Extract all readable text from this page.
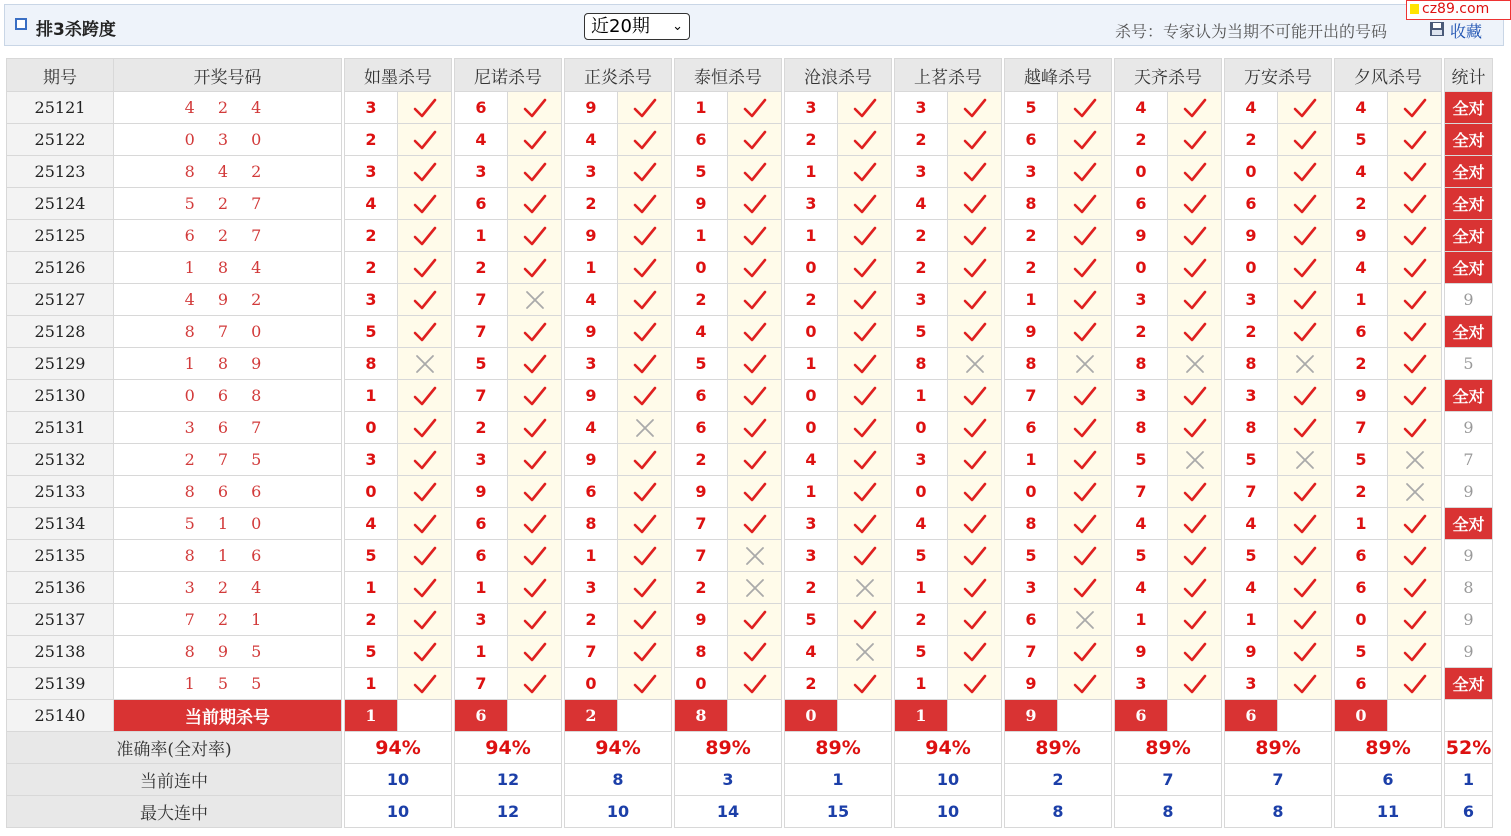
排3杀跨度	近20期 ⌄	杀号：专家认为当期不可能开出的号码	收藏
cz89.com
期号	开奖号码		如墨杀号			尼诺杀号			正炎杀号			泰恒杀号			沧浪杀号			上茗杀号			越峰杀号			天齐杀号			万安杀号			夕风杀号			统计
25121	4 2 4		3			6			9			1			3			3			5			4			4			4			全对
25122	0 3 0		2			4			4			6			2			2			6			2			2			5			全对
25123	8 4 2		3			3			3			5			1			3			3			0			0			4			全对
25124	5 2 7		4			6			2			9			3			4			8			6			6			2			全对
25125	6 2 7		2			1			9			1			1			2			2			9			9			9			全对
25126	1 8 4		2			2			1			0			0			2			2			0			0			4			全对
25127	4 9 2		3			7			4			2			2			3			1			3			3			1			9
25128	8 7 0		5			7			9			4			0			5			9			2			2			6			全对
25129	1 8 9		8			5			3			5			1			8			8			8			8			2			5
25130	0 6 8		1			7			9			6			0			1			7			3			3			9			全对
25131	3 6 7		0			2			4			6			0			0			6			8			8			7			9
25132	2 7 5		3			3			9			2			4			3			1			5			5			5			7
25133	8 6 6		0			9			6			9			1			0			0			7			7			2			9
25134	5 1 0		4			6			8			7			3			4			8			4			4			1			全对
25135	8 1 6		5			6			1			7			3			5			5			5			5			6			9
25136	3 2 4		1			1			3			2			2			1			3			4			4			6			8
25137	7 2 1		2			3			2			9			5			2			6			1			1			0			9
25138	8 9 5		5			1			7			8			4			5			7			9			9			5			9
25139	1 5 5		1			7			0			0			2			1			9			3			3			6			全对
25140	当前期杀号		1			6			2			8			0			1			9			6			6			0			
准确率(全对率)			94%			94%			94%			89%			89%			94%			89%			89%			89%			89%			52%
当前连中			10			12			8			3			1			10			2			7			7			6			1
最大连中			10			12			10			14			15			10			8			8			8			11			6
